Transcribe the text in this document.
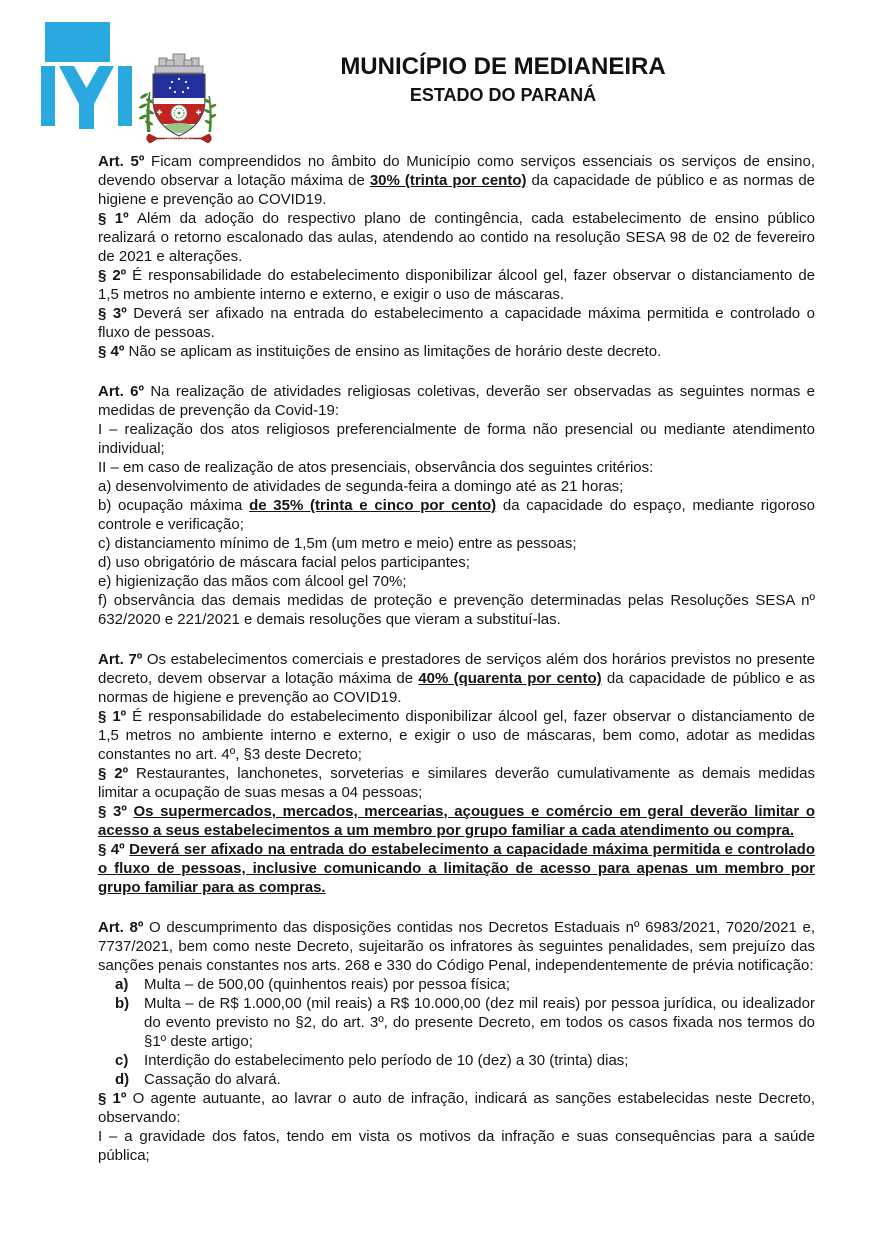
MEDIANEIRA
MUNICÍPIO DE MEDIANEIRA
ESTADO DO PARANÁ

Art. 5º Ficam compreendidos no âmbito do Município como serviços essenciais os serviços de ensino, devendo observar a lotação máxima de 30% (trinta por cento) da capacidade de público e as normas de higiene e prevenção ao COVID19.

§ 1º Além da adoção do respectivo plano de contingência, cada estabelecimento de ensino público realizará o retorno escalonado das aulas, atendendo ao contido na resolução SESA 98 de 02 de fevereiro de 2021 e alterações.

§ 2º É responsabilidade do estabelecimento disponibilizar álcool gel, fazer observar o distanciamento de 1,5 metros no ambiente interno e externo, e exigir o uso de máscaras.

§ 3º Deverá ser afixado na entrada do estabelecimento a capacidade máxima permitida e controlado o fluxo de pessoas.

§ 4º Não se aplicam as instituições de ensino as limitações de horário deste decreto.

Art. 6º Na realização de atividades religiosas coletivas, deverão ser observadas as seguintes normas e medidas de prevenção da Covid-19:

I – realização dos atos religiosos preferencialmente de forma não presencial ou mediante atendimento individual;

II – em caso de realização de atos presenciais, observância dos seguintes critérios:

a) desenvolvimento de atividades de segunda-feira a domingo até as 21 horas;

b) ocupação máxima de 35% (trinta e cinco por cento) da capacidade do espaço, mediante rigoroso controle e verificação;

c) distanciamento mínimo de 1,5m (um metro e meio) entre as pessoas;

d) uso obrigatório de máscara facial pelos participantes;

e) higienização das mãos com álcool gel 70%;

f) observância das demais medidas de proteção e prevenção determinadas pelas Resoluções SESA nº 632/2020 e 221/2021 e demais resoluções que vieram a substituí-las.

Art. 7º Os estabelecimentos comerciais e prestadores de serviços além dos horários previstos no presente decreto, devem observar a lotação máxima de 40% (quarenta por cento) da capacidade de público e as normas de higiene e prevenção ao COVID19.

§ 1º É responsabilidade do estabelecimento disponibilizar álcool gel, fazer observar o distanciamento de 1,5 metros no ambiente interno e externo, e exigir o uso de máscaras, bem como, adotar as medidas constantes no art. 4º, §3 deste Decreto;

§ 2º Restaurantes, lanchonetes, sorveterias e similares deverão cumulativamente as demais medidas limitar a ocupação de suas mesas a 04 pessoas;

§ 3º Os supermercados, mercados, mercearias, açougues e comércio em geral deverão limitar o acesso a seus estabelecimentos a um membro por grupo familiar a cada atendimento ou compra.

§ 4º Deverá ser afixado na entrada do estabelecimento a capacidade máxima permitida e controlado o fluxo de pessoas, inclusive comunicando a limitação de acesso para apenas um membro por grupo familiar para as compras.

Art. 8º O descumprimento das disposições contidas nos Decretos Estaduais nº 6983/2021, 7020/2021 e, 7737/2021, bem como neste Decreto, sujeitarão os infratores às seguintes penalidades, sem prejuízo das sanções penais constantes nos arts. 268 e 330 do Código Penal, independentemente de prévia notificação:

a) Multa – de 500,00 (quinhentos reais) por pessoa física;

b) Multa – de R$ 1.000,00 (mil reais) a R$ 10.000,00 (dez mil reais) por pessoa jurídica, ou idealizador do evento previsto no §2, do art. 3º, do presente Decreto, em todos os casos fixada nos termos do §1º deste artigo;

c) Interdição do estabelecimento pelo período de 10 (dez) a 30 (trinta) dias;

d) Cassação do alvará.

§ 1º O agente autuante, ao lavrar o auto de infração, indicará as sanções estabelecidas neste Decreto, observando:

I – a gravidade dos fatos, tendo em vista os motivos da infração e suas consequências para a saúde pública;
